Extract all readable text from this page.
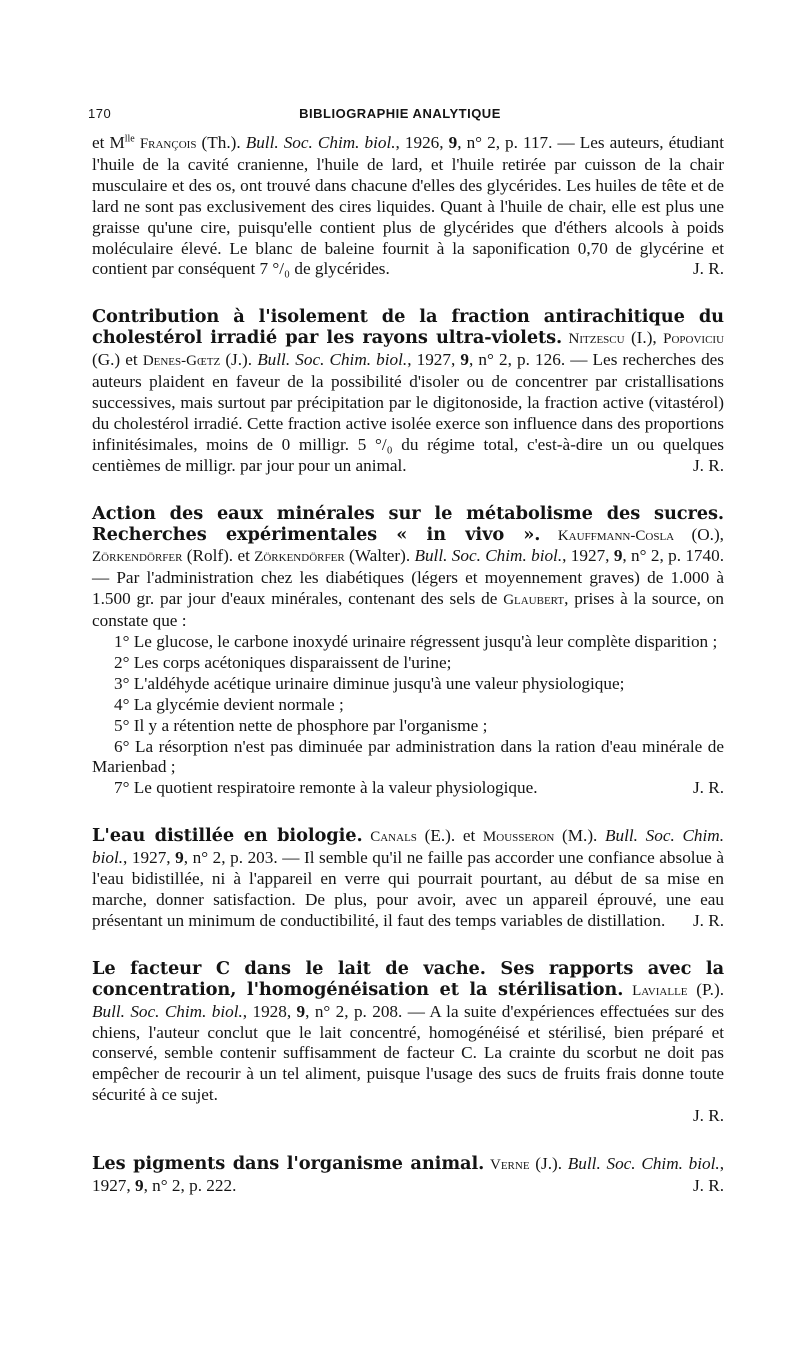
170	BIBLIOGRAPHIE ANALYTIQUE

et $M^{lle}$ François (Th.). Bull. Soc. Chim. biol., 1926, 9, n° 2, p. 117. — Les auteurs, étudiant l'huile de la cavité cranienne, l'huile de lard, et l'huile retirée par cuisson de la chair musculaire et des os, ont trouvé dans chacune d'elles des glycérides. Les huiles de tête et de lard ne sont pas exclusivement des cires liquides. Quant à l'huile de chair, elle est plus une graisse qu'une cire, puisqu'elle contient plus de glycérides que d'éthers alcools à poids moléculaire élevé. Le blanc de baleine fournit à la saponification 0,70 de glycérine et contient par conséquent 7 °/₀ de glycérides.	J. R.

Contribution à l'isolement de la fraction antirachitique du cholestérol irradié par les rayons ultra-violets. Nitzescu (I.), Popoviciu (G.) et Denes-Gœtz (J.). Bull. Soc. Chim. biol., 1927, 9, n° 2, p. 126. — Les recherches des auteurs plaident en faveur de la possibilité d'isoler ou de concentrer par cristallisations successives, mais surtout par précipitation par le digitonoside, la fraction active (vitastérol) du cholestérol irradié. Cette fraction active isolée exerce son influence dans des proportions infinitésimales, moins de 0 milligr. 5 °/₀ du régime total, c'est-à-dire un ou quelques centièmes de milligr. par jour pour un animal.	J. R.

Action des eaux minérales sur le métabolisme des sucres. Recherches expérimentales « in vivo ». Kauffmann-Cosla (O.), Zörkendörfer (Rolf). et Zörkendörfer (Walter). Bull. Soc. Chim. biol., 1927, 9, n° 2, p. 1740. — Par l'administration chez les diabétiques (légers et moyennement graves) de 1.000 à 1.500 gr. par jour d'eaux minérales, contenant des sels de Glaubert, prises à la source, on constate que :

1° Le glucose, le carbone inoxydé urinaire régressent jusqu'à leur complète disparition ;

2° Les corps acétoniques disparaissent de l'urine;

3° L'aldéhyde acétique urinaire diminue jusqu'à une valeur physiologique;

4° La glycémie devient normale ;

5° Il y a rétention nette de phosphore par l'organisme ;

6° La résorption n'est pas diminuée par administration dans la ration d'eau minérale de Marienbad ;

7° Le quotient respiratoire remonte à la valeur physiologique.	J. R.

L'eau distillée en biologie. Canals (E.). et Mousseron (M.). Bull. Soc. Chim. biol., 1927, 9, n° 2, p. 203. — Il semble qu'il ne faille pas accorder une confiance absolue à l'eau bidistillée, ni à l'appareil en verre qui pourrait pourtant, au début de sa mise en marche, donner satisfaction. De plus, pour avoir, avec un appareil éprouvé, une eau présentant un minimum de conductibilité, il faut des temps variables de distillation. J. R.

Le facteur C dans le lait de vache. Ses rapports avec la concentration, l'homogénéisation et la stérilisation. Lavialle (P.). Bull. Soc. Chim. biol., 1928, 9, n° 2, p. 208. — A la suite d'expériences effectuées sur des chiens, l'auteur conclut que le lait concentré, homogénéisé et stérilisé, bien préparé et conservé, semble contenir suffisamment de facteur C. La crainte du scorbut ne doit pas empêcher de recourir à un tel aliment, puisque l'usage des sucs de fruits frais donne toute sécurité à ce sujet.

J. R.

Les pigments dans l'organisme animal. Verne (J.). Bull. Soc. Chim. biol., 1927, 9, n° 2, p. 222.	J. R.
